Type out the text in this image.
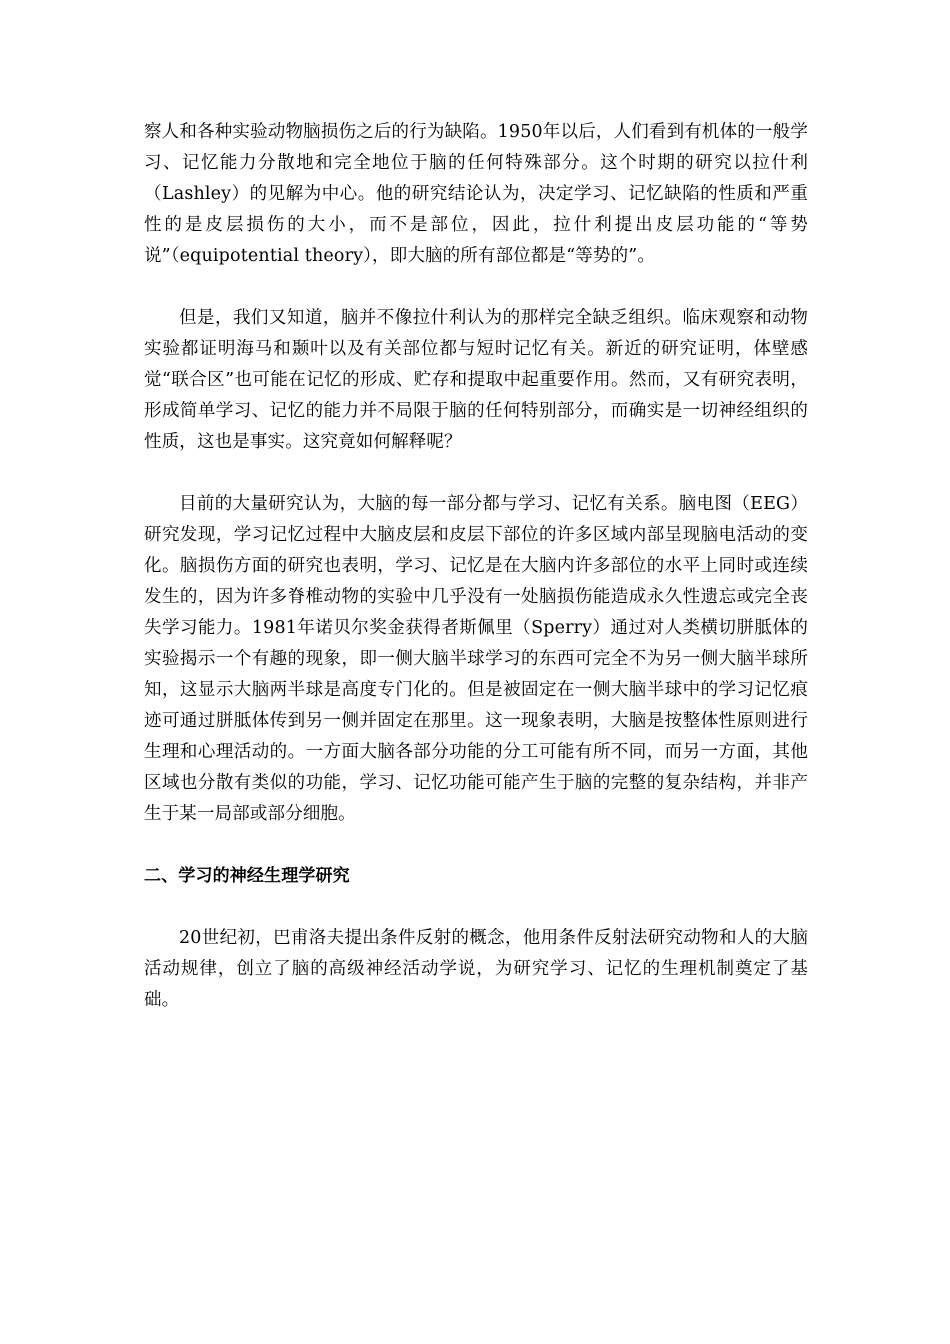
察人和各种实验动物脑损伤之后的行为缺陷。1950年以后，人们看到有机体的一般学习、记忆能力分散地和完全地位于脑的任何特殊部分。这个时期的研究以拉什利（Lashley）的见解为中心。他的研究结论认为，决定学习、记忆缺陷的性质和严重性的是皮层损伤的大小，而不是部位，因此，拉什利提出皮层功能的“等势说”（equipotential theory），即大脑的所有部位都是“等势的”。

但是，我们又知道，脑并不像拉什利认为的那样完全缺乏组织。临床观察和动物实验都证明海马和颞叶以及有关部位都与短时记忆有关。新近的研究证明，体壁感觉“联合区”也可能在记忆的形成、贮存和提取中起重要作用。然而，又有研究表明，形成简单学习、记忆的能力并不局限于脑的任何特别部分，而确实是一切神经组织的性质，这也是事实。这究竟如何解释呢？

目前的大量研究认为，大脑的每一部分都与学习、记忆有关系。脑电图（EEG）研究发现，学习记忆过程中大脑皮层和皮层下部位的许多区域内部呈现脑电活动的变化。脑损伤方面的研究也表明，学习、记忆是在大脑内许多部位的水平上同时或连续发生的，因为许多脊椎动物的实验中几乎没有一处脑损伤能造成永久性遗忘或完全丧失学习能力。1981年诺贝尔奖金获得者斯佩里（Sperry）通过对人类横切胼胝体的实验揭示一个有趣的现象，即一侧大脑半球学习的东西可完全不为另一侧大脑半球所知，这显示大脑两半球是高度专门化的。但是被固定在一侧大脑半球中的学习记忆痕迹可通过胼胝体传到另一侧并固定在那里。这一现象表明，大脑是按整体性原则进行生理和心理活动的。一方面大脑各部分功能的分工可能有所不同，而另一方面，其他区域也分散有类似的功能，学习、记忆功能可能产生于脑的完整的复杂结构，并非产生于某一局部或部分细胞。

二、学习的神经生理学研究

20世纪初，巴甫洛夫提出条件反射的概念，他用条件反射法研究动物和人的大脑活动规律，创立了脑的高级神经活动学说，为研究学习、记忆的生理机制奠定了基础。
